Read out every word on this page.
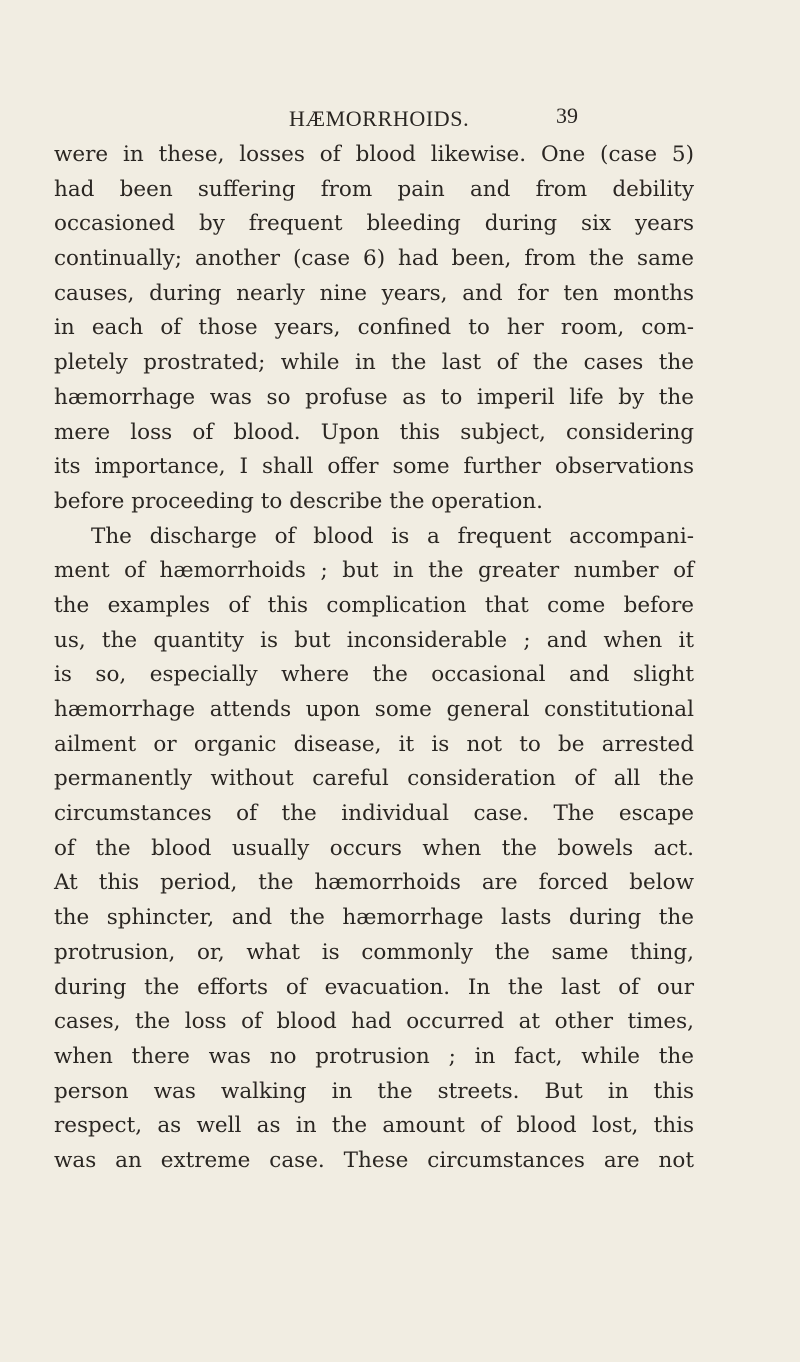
HÆMORRHOIDS.	39
were in these, losses of blood likewise. One (case 5)
had been suffering from pain and from debility
occasioned by frequent bleeding during six years
continually; another (case 6) had been, from the same
causes, during nearly nine years, and for ten months
in each of those years, confined to her room, com-
pletely prostrated; while in the last of the cases the
hæmorrhage was so profuse as to imperil life by the
mere loss of blood. Upon this subject, considering
its importance, I shall offer some further observations
before proceeding to describe the operation.
The discharge of blood is a frequent accompani-
ment of hæmorrhoids ; but in the greater number of
the examples of this complication that come before
us, the quantity is but inconsiderable ; and when it
is so, especially where the occasional and slight
hæmorrhage attends upon some general constitutional
ailment or organic disease, it is not to be arrested
permanently without careful consideration of all the
circumstances of the individual case. The escape
of the blood usually occurs when the bowels act.
At this period, the hæmorrhoids are forced below
the sphincter, and the hæmorrhage lasts during the
protrusion, or, what is commonly the same thing,
during the efforts of evacuation. In the last of our
cases, the loss of blood had occurred at other times,
when there was no protrusion ; in fact, while the
person was walking in the streets. But in this
respect, as well as in the amount of blood lost, this
was an extreme case. These circumstances are not
